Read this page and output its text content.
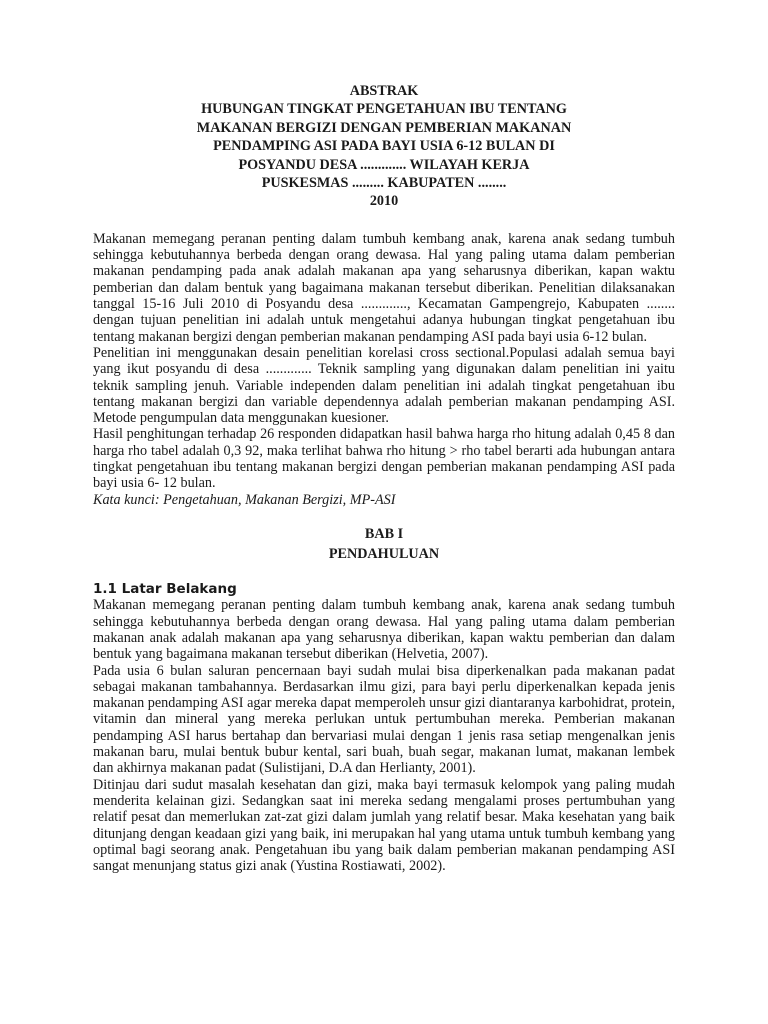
ABSTRAK
HUBUNGAN TINGKAT PENGETAHUAN IBU TENTANG
MAKANAN BERGIZI DENGAN PEMBERIAN MAKANAN
PENDAMPING ASI PADA BAYI USIA 6-12 BULAN DI
POSYANDU DESA ............. WILAYAH KERJA
PUSKESMAS ......... KABUPATEN ........
2010

Makanan memegang peranan penting dalam tumbuh kembang anak, karena anak sedang tumbuh sehingga kebutuhannya berbeda dengan orang dewasa. Hal yang paling utama dalam pemberian makanan pendamping pada anak adalah makanan apa yang seharusnya diberikan, kapan waktu pemberian dan dalam bentuk yang bagaimana makanan tersebut diberikan. Penelitian dilaksanakan tanggal 15-16 Juli 2010 di Posyandu desa ............., Kecamatan Gampengrejo, Kabupaten ........ dengan tujuan penelitian ini adalah untuk mengetahui adanya hubungan tingkat pengetahuan ibu tentang makanan bergizi dengan pemberian makanan pendamping ASI pada bayi usia 6-12 bulan.

Penelitian ini menggunakan desain penelitian korelasi cross sectional.Populasi adalah semua bayi yang ikut posyandu di desa ............. Teknik sampling yang digunakan dalam penelitian ini yaitu teknik sampling jenuh. Variable independen dalam penelitian ini adalah tingkat pengetahuan ibu tentang makanan bergizi dan variable dependennya adalah pemberian makanan pendamping ASI. Metode pengumpulan data menggunakan kuesioner.

Hasil penghitungan terhadap 26 responden didapatkan hasil bahwa harga rho hitung adalah 0,45 8 dan harga rho tabel adalah 0,3 92, maka terlihat bahwa rho hitung > rho tabel berarti ada hubungan antara tingkat pengetahuan ibu tentang makanan bergizi dengan pemberian makanan pendamping ASI pada bayi usia 6- 12 bulan.

Kata kunci: Pengetahuan, Makanan Bergizi, MP-ASI

BAB I
PENDAHULUAN
1.1 Latar Belakang

Makanan memegang peranan penting dalam tumbuh kembang anak, karena anak sedang tumbuh sehingga kebutuhannya berbeda dengan orang dewasa. Hal yang paling utama dalam pemberian makanan anak adalah makanan apa yang seharusnya diberikan, kapan waktu pemberian dan dalam bentuk yang bagaimana makanan tersebut diberikan (Helvetia, 2007).

Pada usia 6 bulan saluran pencernaan bayi sudah mulai bisa diperkenalkan pada makanan padat sebagai makanan tambahannya. Berdasarkan ilmu gizi, para bayi perlu diperkenalkan kepada jenis makanan pendamping ASI agar mereka dapat memperoleh unsur gizi diantaranya karbohidrat, protein, vitamin dan mineral yang mereka perlukan untuk pertumbuhan mereka. Pemberian makanan pendamping ASI harus bertahap dan bervariasi mulai dengan 1 jenis rasa setiap mengenalkan jenis makanan baru, mulai bentuk bubur kental, sari buah, buah segar, makanan lumat, makanan lembek dan akhirnya makanan padat (Sulistijani, D.A dan Herlianty, 2001).

Ditinjau dari sudut masalah kesehatan dan gizi, maka bayi termasuk kelompok yang paling mudah menderita kelainan gizi. Sedangkan saat ini mereka sedang mengalami proses pertumbuhan yang relatif pesat dan memerlukan zat-zat gizi dalam jumlah yang relatif besar. Maka kesehatan yang baik ditunjang dengan keadaan gizi yang baik, ini merupakan hal yang utama untuk tumbuh kembang yang optimal bagi seorang anak. Pengetahuan ibu yang baik dalam pemberian makanan pendamping ASI sangat menunjang status gizi anak (Yustina Rostiawati, 2002).
